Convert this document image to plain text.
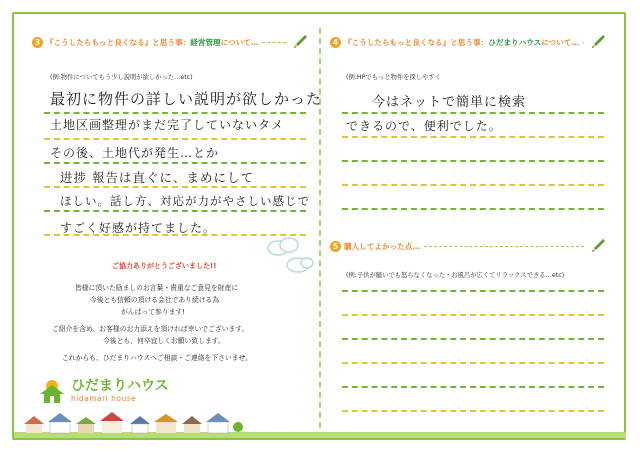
3 『こうしたらもっと良くなる』と思う事：経営管理について…
(例:物件についてもう少し説明が欲しかった…etc)
最初に物件の詳しい説明が欲しかった
土地区画整理がまだ完了していないタメ
その後、土地代が発生…とか
进捗 報告は直ぐに、まめにして
ほしい。話し方、対応が力がやさしい感じで
すごく好感が持てました。
ご協力ありがとうございました!!
皆様に頂いた励ましのお言葉・貴重なご意見を財産に
今後とも信頼の頂ける会社であり続ける為
がんばって参ります!
ご紹介を含め、お客様のお力添えを頂ければ幸いでございます。
今後とも、何卒宜しくお願い致します。
これからも、ひだまりハウスへご相談・ご連絡を下さいませ。
ひだまりハウス
hidamari house
4 『こうしたらもっと良くなる』と思う事：ひだまりハウスについて…
(例:HPでもっと物件を探しやすく
今はネットで簡単に検索
できるので、便利でした。
5 購入してよかった点…
(例:子供が騒いでも怒らなくなった・お風呂が広くてリラックスできる…etc)
